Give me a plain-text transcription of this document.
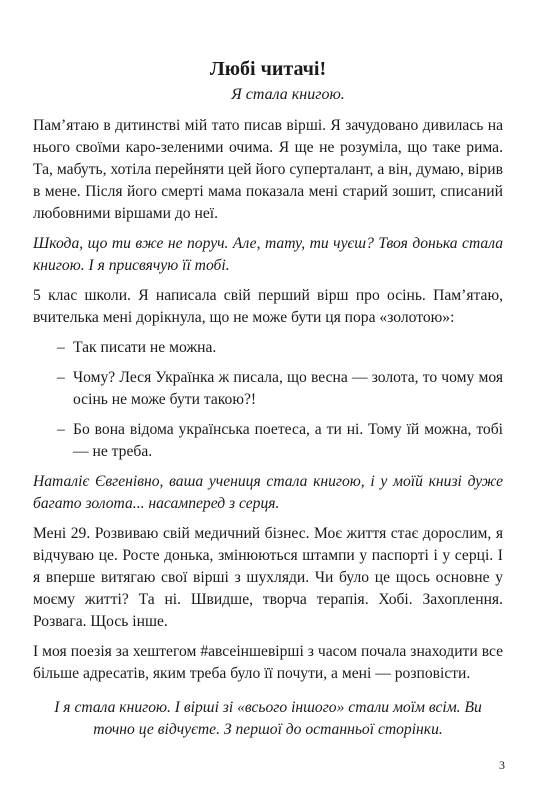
Любі читачі!
Я стала книгою.

Пам’ятаю в дитинстві мій тато писав вірші. Я зачудовано дивилась на нього своїми каро-зеленими очима. Я ще не розуміла, що таке рима. Та, мабуть, хотіла перейняти цей його суперталант, а він, думаю, вірив в мене. Після його смерті мама показала мені старий зошит, списаний любовними віршами до неї.

Шкода, що ти вже не поруч. Але, тату, ти чуєш? Твоя донька стала книгою. І я присвячую її тобі.

5 клас школи. Я написала свій перший вірш про осінь. Пам’ятаю, вчителька мені дорікнула, що не може бути ця пора «золотою»:

– Так писати не можна.
– Чому? Леся Українка ж писала, що весна — золота, то чому моя осінь не може бути такою?!
– Бо вона відома українська поетеса, а ти ні. Тому їй можна, тобі — не треба.

Наталіє Євгенівно, ваша учениця стала книгою, і у моїй книзі дуже багато золота... насамперед з серця.

Мені 29. Розвиваю свій медичний бізнес. Моє життя стає дорослим, я відчуваю це. Росте донька, змінюються штампи у паспорті і у серці. І я вперше витягаю свої вірші з шухляди. Чи було це щось основне у моєму житті? Та ні. Швидше, творча терапія. Хобі. Захоплення. Розвага. Щось інше.

І моя поезія за хештегом #авсеіншевірші з часом почала знаходити все більше адресатів, яким треба було її почути, а мені — розповісти.

І я стала книгою. І вірші зі «всього іншого» стали моїм всім. Ви точно це відчуєте. З першої до останньої сторінки.
3
